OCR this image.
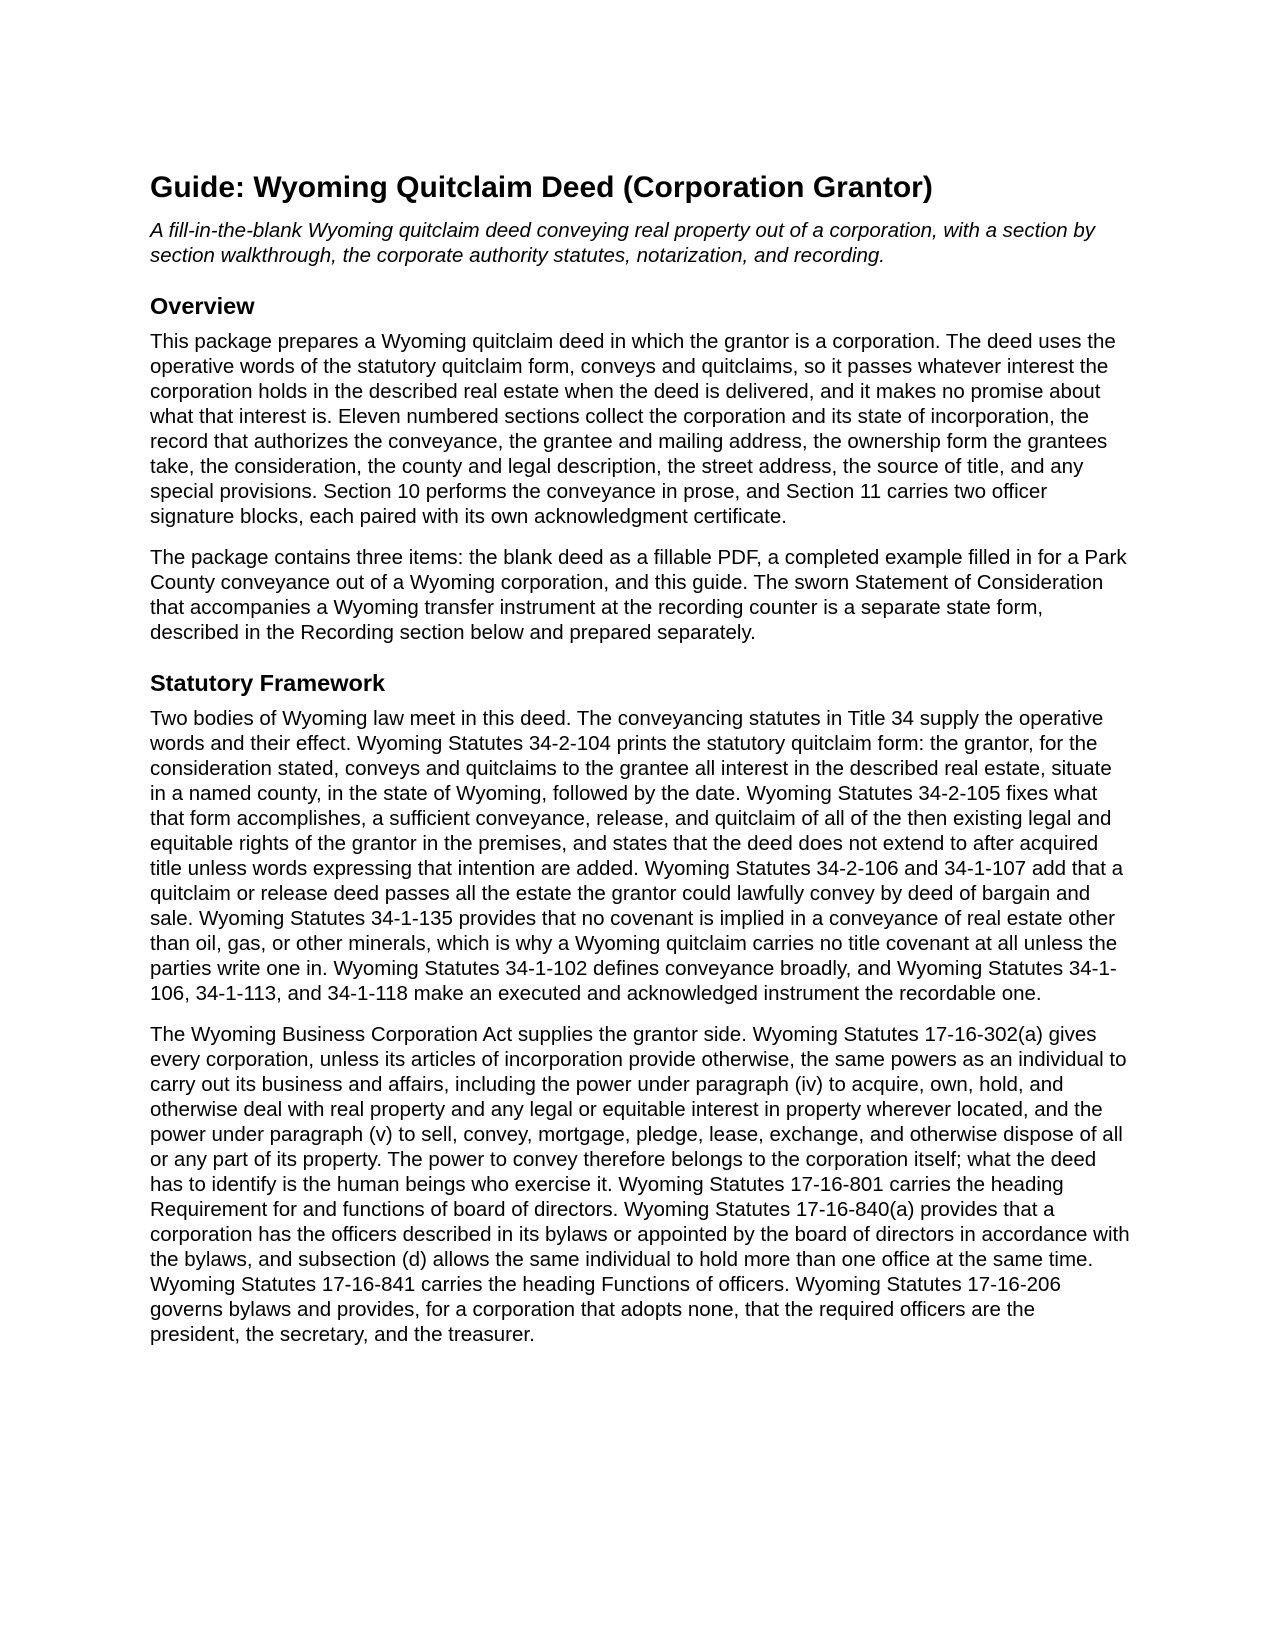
Guide: Wyoming Quitclaim Deed (Corporation Grantor)

A fill-in-the-blank Wyoming quitclaim deed conveying real property out of a corporation, with a section by section walkthrough, the corporate authority statutes, notarization, and recording.

Overview

This package prepares a Wyoming quitclaim deed in which the grantor is a corporation. The deed uses the operative words of the statutory quitclaim form, conveys and quitclaims, so it passes whatever interest the corporation holds in the described real estate when the deed is delivered, and it makes no promise about what that interest is. Eleven numbered sections collect the corporation and its state of incorporation, the record that authorizes the conveyance, the grantee and mailing address, the ownership form the grantees take, the consideration, the county and legal description, the street address, the source of title, and any special provisions. Section 10 performs the conveyance in prose, and Section 11 carries two officer signature blocks, each paired with its own acknowledgment certificate.

The package contains three items: the blank deed as a fillable PDF, a completed example filled in for a Park County conveyance out of a Wyoming corporation, and this guide. The sworn Statement of Consideration that accompanies a Wyoming transfer instrument at the recording counter is a separate state form, described in the Recording section below and prepared separately.

Statutory Framework

Two bodies of Wyoming law meet in this deed. The conveyancing statutes in Title 34 supply the operative words and their effect. Wyoming Statutes 34-2-104 prints the statutory quitclaim form: the grantor, for the consideration stated, conveys and quitclaims to the grantee all interest in the described real estate, situate in a named county, in the state of Wyoming, followed by the date. Wyoming Statutes 34-2-105 fixes what that form accomplishes, a sufficient conveyance, release, and quitclaim of all of the then existing legal and equitable rights of the grantor in the premises, and states that the deed does not extend to after acquired title unless words expressing that intention are added. Wyoming Statutes 34-2-106 and 34-1-107 add that a quitclaim or release deed passes all the estate the grantor could lawfully convey by deed of bargain and sale. Wyoming Statutes 34-1-135 provides that no covenant is implied in a conveyance of real estate other than oil, gas, or other minerals, which is why a Wyoming quitclaim carries no title covenant at all unless the parties write one in. Wyoming Statutes 34-1-102 defines conveyance broadly, and Wyoming Statutes 34-1-106, 34-1-113, and 34-1-118 make an executed and acknowledged instrument the recordable one.

The Wyoming Business Corporation Act supplies the grantor side. Wyoming Statutes 17-16-302(a) gives every corporation, unless its articles of incorporation provide otherwise, the same powers as an individual to carry out its business and affairs, including the power under paragraph (iv) to acquire, own, hold, and otherwise deal with real property and any legal or equitable interest in property wherever located, and the power under paragraph (v) to sell, convey, mortgage, pledge, lease, exchange, and otherwise dispose of all or any part of its property. The power to convey therefore belongs to the corporation itself; what the deed has to identify is the human beings who exercise it. Wyoming Statutes 17-16-801 carries the heading Requirement for and functions of board of directors. Wyoming Statutes 17-16-840(a) provides that a corporation has the officers described in its bylaws or appointed by the board of directors in accordance with the bylaws, and subsection (d) allows the same individual to hold more than one office at the same time. Wyoming Statutes 17-16-841 carries the heading Functions of officers. Wyoming Statutes 17-16-206 governs bylaws and provides, for a corporation that adopts none, that the required officers are the president, the secretary, and the treasurer.
